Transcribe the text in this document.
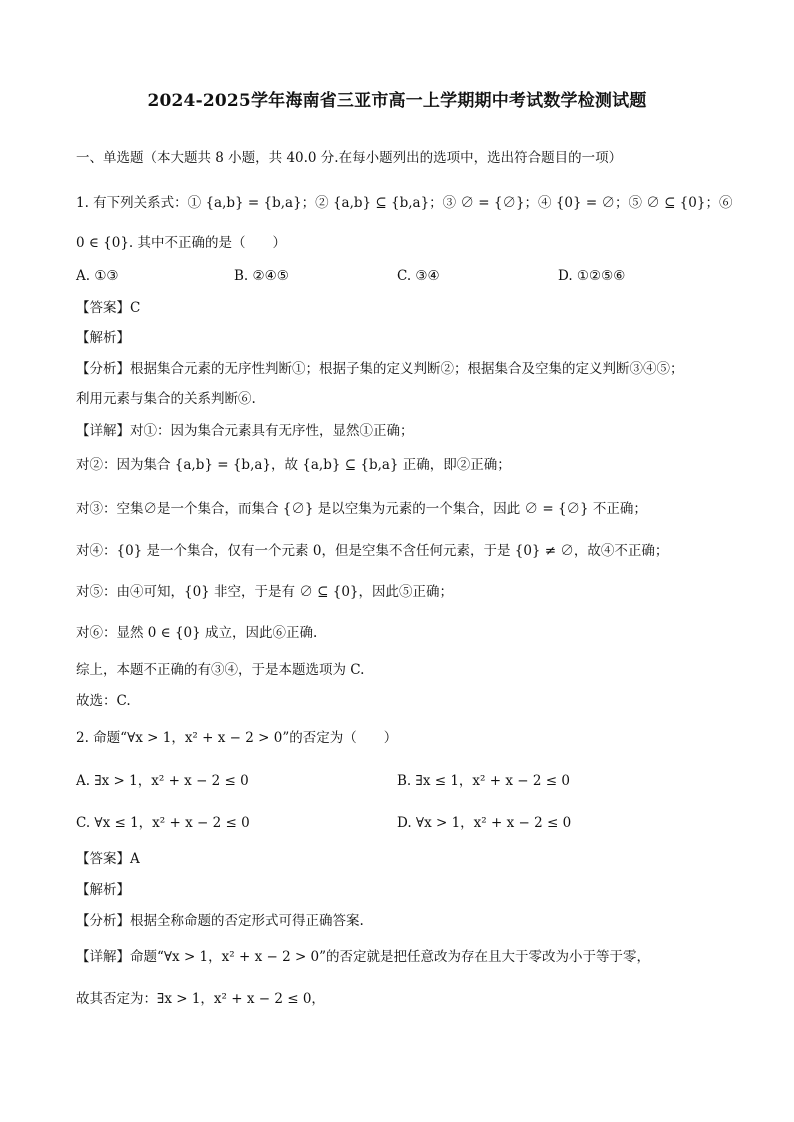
2024-2025学年海南省三亚市高一上学期期中考试数学检测试题
一、单选题（本大题共 8 小题，共 40.0 分.在每小题列出的选项中，选出符合题目的一项）
1. 有下列关系式：① {a,b} = {b,a}；② {a,b} ⊆ {b,a}；③ ∅ = {∅}；④ {0} = ∅；⑤ ∅ ⊆ {0}；⑥
0 ∈ {0}. 其中不正确的是（　　）
A. ①③	B. ②④⑤	C. ③④	D. ①②⑤⑥
【答案】C
【解析】
【分析】根据集合元素的无序性判断①；根据子集的定义判断②；根据集合及空集的定义判断③④⑤；
利用元素与集合的关系判断⑥.
【详解】对①：因为集合元素具有无序性，显然①正确；
对②：因为集合 {a,b} = {b,a}，故 {a,b} ⊆ {b,a} 正确，即②正确；
对③：空集∅是一个集合，而集合 {∅} 是以空集为元素的一个集合，因此 ∅ = {∅} 不正确；
对④：{0} 是一个集合，仅有一个元素 0，但是空集不含任何元素，于是 {0} ≠ ∅，故④不正确；
对⑤：由④可知，{0} 非空，于是有 ∅ ⊆ {0}，因此⑤正确；
对⑥：显然 0 ∈ {0} 成立，因此⑥正确.
综上，本题不正确的有③④，于是本题选项为 C.
故选：C.
2. 命题“∀x > 1，x² + x − 2 > 0”的否定为（　　）
A. ∃x > 1，x² + x − 2 ≤ 0	B. ∃x ≤ 1，x² + x − 2 ≤ 0
C. ∀x ≤ 1，x² + x − 2 ≤ 0	D. ∀x > 1，x² + x − 2 ≤ 0
【答案】A
【解析】
【分析】根据全称命题的否定形式可得正确答案.
【详解】命题“∀x > 1，x² + x − 2 > 0”的否定就是把任意改为存在且大于零改为小于等于零，
故其否定为：∃x > 1，x² + x − 2 ≤ 0，
